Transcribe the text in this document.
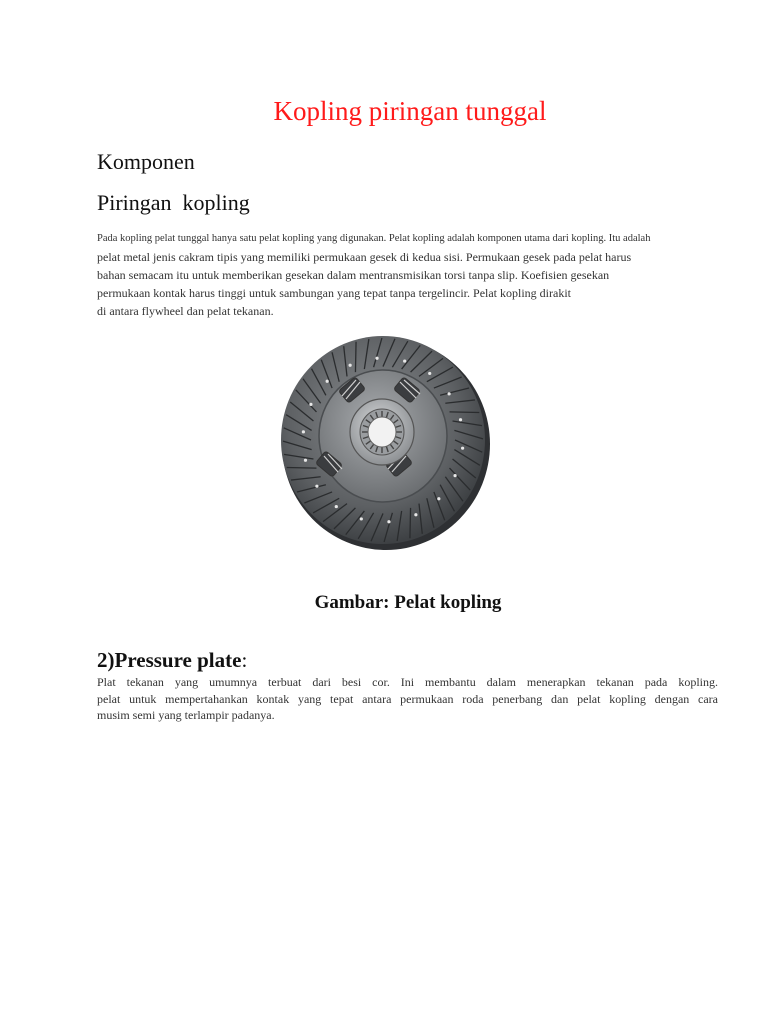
Kopling piringan tunggal
Komponen
Piringan  kopling
Pada kopling pelat tunggal hanya satu pelat kopling yang digunakan. Pelat kopling adalah komponen utama dari kopling. Itu adalah
pelat metal jenis cakram tipis yang memiliki permukaan gesek di kedua sisi. Permukaan gesek pada pelat harus
bahan semacam itu untuk memberikan gesekan dalam mentransmisikan torsi tanpa slip. Koefisien gesekan
permukaan kontak harus tinggi untuk sambungan yang tepat tanpa tergelincir. Pelat kopling dirakit
di antara flywheel dan pelat tekanan.
Gambar: Pelat kopling
2)Pressure plate:
Plat tekanan yang umumnya terbuat dari besi cor. Ini membantu dalam menerapkan tekanan pada kopling.
pelat untuk mempertahankan kontak yang tepat antara permukaan roda penerbang dan pelat kopling dengan cara
musim semi yang terlampir padanya.
